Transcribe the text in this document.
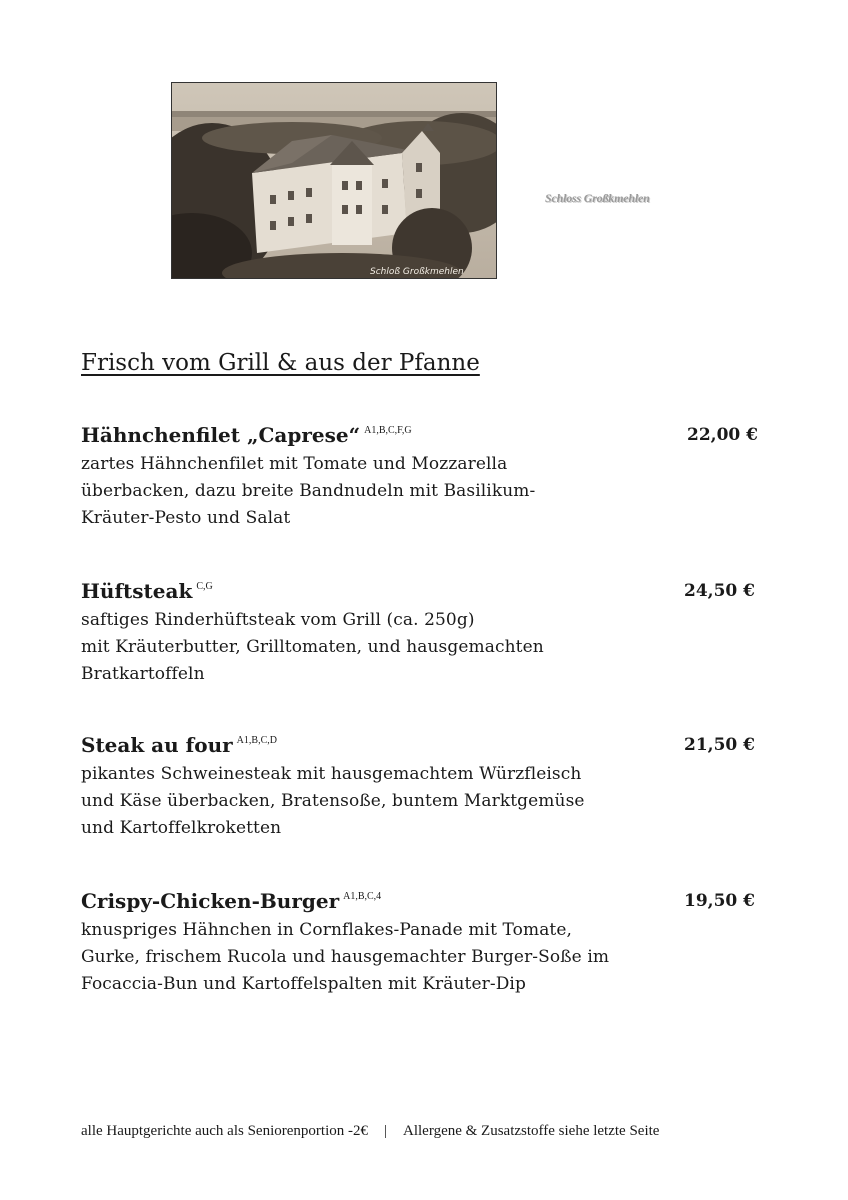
Schloß Großkmehlen
Schloss Großkmehlen
Frisch vom Grill & aus der Pfanne
Hähnchenfilet „Caprese“ $^{A1,B,C,F,G}$	22,00 €

zartes Hähnchenfilet mit Tomate und Mozzarella
überbacken, dazu breite Bandnudeln mit Basilikum-
Kräuter-Pesto und Salat

Hüftsteak $^{C,G}$	24,50 €

saftiges Rinderhüftsteak vom Grill (ca. 250g)
mit Kräuterbutter, Grilltomaten, und hausgemachten
Bratkartoffeln

Steak au four $^{A1,B,C,D}$	21,50 €

pikantes Schweinesteak mit hausgemachtem Würzfleisch
und Käse überbacken, Bratensoße, buntem Marktgemüse
und Kartoffelkroketten

Crispy-Chicken-Burger $^{A1,B,C,4}$	19,50 €

knuspriges Hähnchen in Cornflakes-Panade mit Tomate,
Gurke, frischem Rucola und hausgemachter Burger-Soße im
Focaccia-Bun und Kartoffelspalten mit Kräuter-Dip

alle Hauptgerichte auch als Seniorenportion -2€ | Allergene & Zusatzstoffe siehe letzte Seite
